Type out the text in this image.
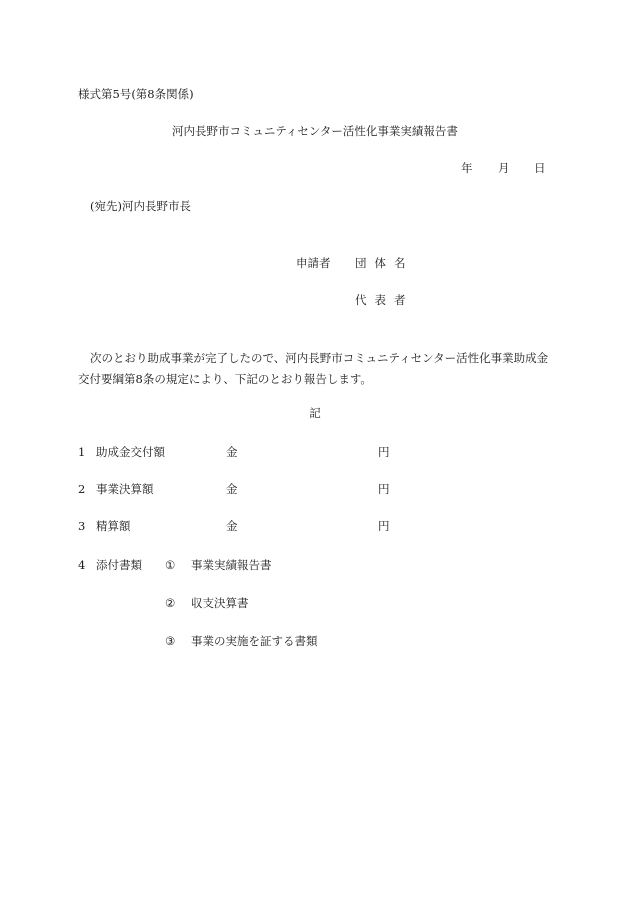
様式第5号(第8条関係)
河内長野市コミュニティセンター活性化事業実績報告書
年 月 日
(宛先)河内長野市長
申請者 団体名
代表者
次のとおり助成事業が完了したので、河内長野市コミュニティセンター活性化事業助成金交付要綱第8条の規定により、下記のとおり報告します。
記
1 助成金交付額	金	円
2 事業決算額	金	円
3 精算額	金	円
4 添付書類 ① 事業実績報告書
② 収支決算書
③ 事業の実施を証する書類
